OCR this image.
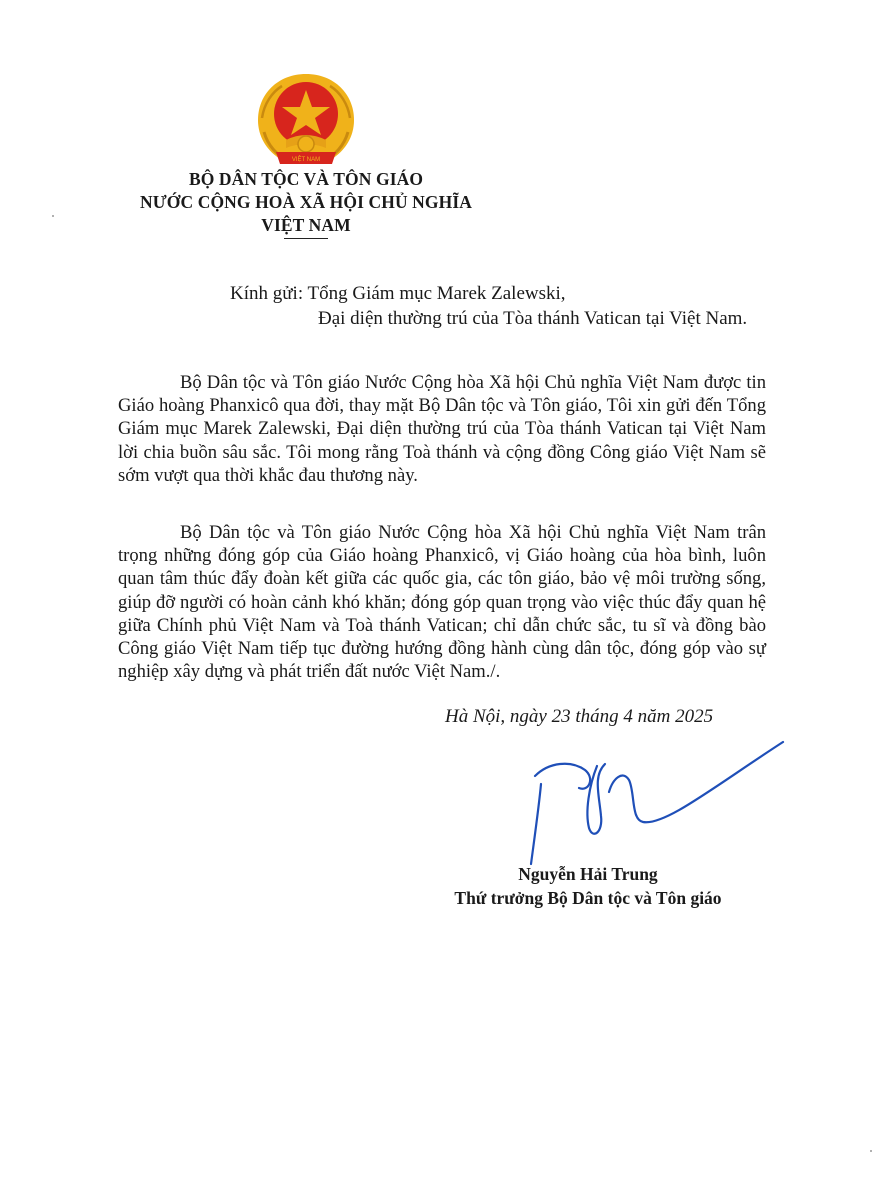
VIỆT NAM
BỘ DÂN TỘC VÀ TÔN GIÁO
NƯỚC CỘNG HOÀ XÃ HỘI CHỦ NGHĨA
VIỆT NAM
Kính gửi: Tổng Giám mục Marek Zalewski,
Đại diện thường trú của Tòa thánh Vatican tại Việt Nam.

Bộ Dân tộc và Tôn giáo Nước Cộng hòa Xã hội Chủ nghĩa Việt Nam được tin Giáo hoàng Phanxicô qua đời, thay mặt Bộ Dân tộc và Tôn giáo, Tôi xin gửi đến Tổng Giám mục Marek Zalewski, Đại diện thường trú của Tòa thánh Vatican tại Việt Nam lời chia buồn sâu sắc. Tôi mong rằng Toà thánh và cộng đồng Công giáo Việt Nam sẽ sớm vượt qua thời khắc đau thương này.

Bộ Dân tộc và Tôn giáo Nước Cộng hòa Xã hội Chủ nghĩa Việt Nam trân trọng những đóng góp của Giáo hoàng Phanxicô, vị Giáo hoàng của hòa bình, luôn quan tâm thúc đẩy đoàn kết giữa các quốc gia, các tôn giáo, bảo vệ môi trường sống, giúp đỡ người có hoàn cảnh khó khăn; đóng góp quan trọng vào việc thúc đẩy quan hệ giữa Chính phủ Việt Nam và Toà thánh Vatican; chỉ dẫn chức sắc, tu sĩ và đồng bào Công giáo Việt Nam tiếp tục đường hướng đồng hành cùng dân tộc, đóng góp vào sự nghiệp xây dựng và phát triển đất nước Việt Nam./.

Hà Nội, ngày 23 tháng 4 năm 2025
Nguyễn Hải Trung
Thứ trưởng Bộ Dân tộc và Tôn giáo
